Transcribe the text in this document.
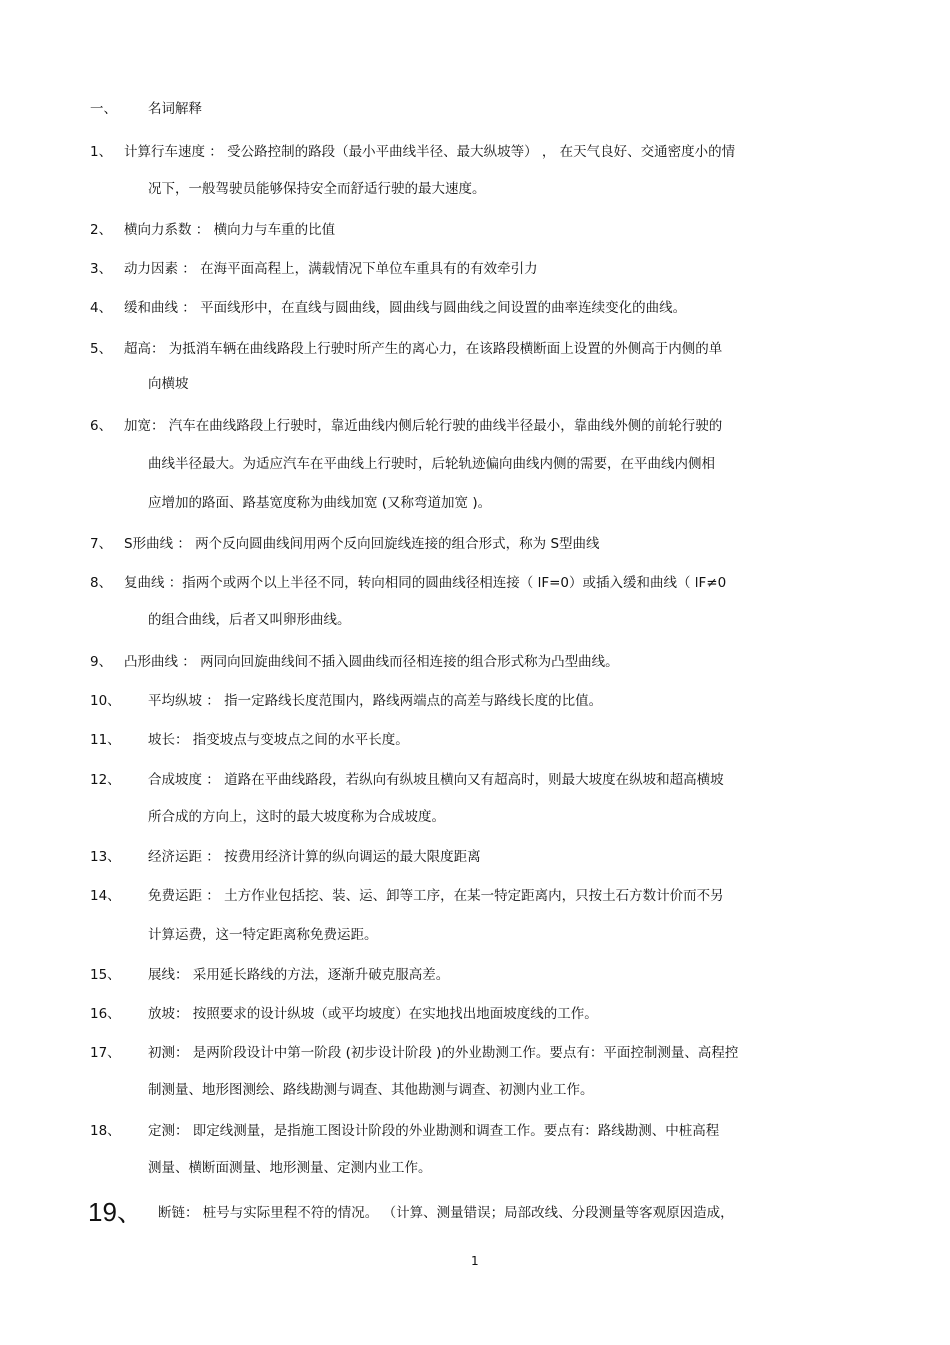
一、 名词解释
1、 计算行车速度 ： 受公路控制的路段（最小平曲线半径、最大纵坡等） ， 在天气良好、交通密度小的情
况下，一般驾驶员能够保持安全而舒适行驶的最大速度。
2、 横向力系数 ： 横向力与车重的比值
3、 动力因素 ： 在海平面高程上，满载情况下单位车重具有的有效牵引力
4、 缓和曲线 ： 平面线形中，在直线与圆曲线，圆曲线与圆曲线之间设置的曲率连续变化的曲线。
5、 超高： 为抵消车辆在曲线路段上行驶时所产生的离心力，在该路段横断面上设置的外侧高于内侧的单
向横坡
6、 加宽： 汽车在曲线路段上行驶时，靠近曲线内侧后轮行驶的曲线半径最小，靠曲线外侧的前轮行驶的
曲线半径最大。为适应汽车在平曲线上行驶时，后轮轨迹偏向曲线内侧的需要，在平曲线内侧相
应增加的路面、路基宽度称为曲线加宽 (又称弯道加宽 )。
7、 S形曲线 ： 两个反向圆曲线间用两个反向回旋线连接的组合形式，称为 S型曲线
8、 复曲线 ：指两个或两个以上半径不同，转向相同的圆曲线径相连接（ lF=0）或插入缓和曲线（ lF≠0
的组合曲线，后者又叫卵形曲线。
9、 凸形曲线 ： 两同向回旋曲线间不插入圆曲线而径相连接的组合形式称为凸型曲线。
10、 平均纵坡 ： 指一定路线长度范围内，路线两端点的高差与路线长度的比值。
11、 坡长： 指变坡点与变坡点之间的水平长度。
12、 合成坡度 ： 道路在平曲线路段，若纵向有纵坡且横向又有超高时，则最大坡度在纵坡和超高横坡
所合成的方向上，这时的最大坡度称为合成坡度。
13、 经济运距 ： 按费用经济计算的纵向调运的最大限度距离
14、 免费运距 ： 土方作业包括挖、装、运、卸等工序，在某一特定距离内，只按土石方数计价而不另
计算运费，这一特定距离称免费运距。
15、 展线： 采用延长路线的方法，逐渐升破克服高差。
16、 放坡： 按照要求的设计纵坡（或平均坡度）在实地找出地面坡度线的工作。
17、 初测： 是两阶段设计中第一阶段 (初步设计阶段 )的外业勘测工作。要点有：平面控制测量、高程控
制测量、地形图测绘、路线勘测与调查、其他勘测与调查、初测内业工作。
18、 定测： 即定线测量，是指施工图设计阶段的外业勘测和调查工作。要点有：路线勘测、中桩高程
测量、横断面测量、地形测量、定测内业工作。
19、 断链： 桩号与实际里程不符的情况。 （计算、测量错误；局部改线、分段测量等客观原因造成，
1
